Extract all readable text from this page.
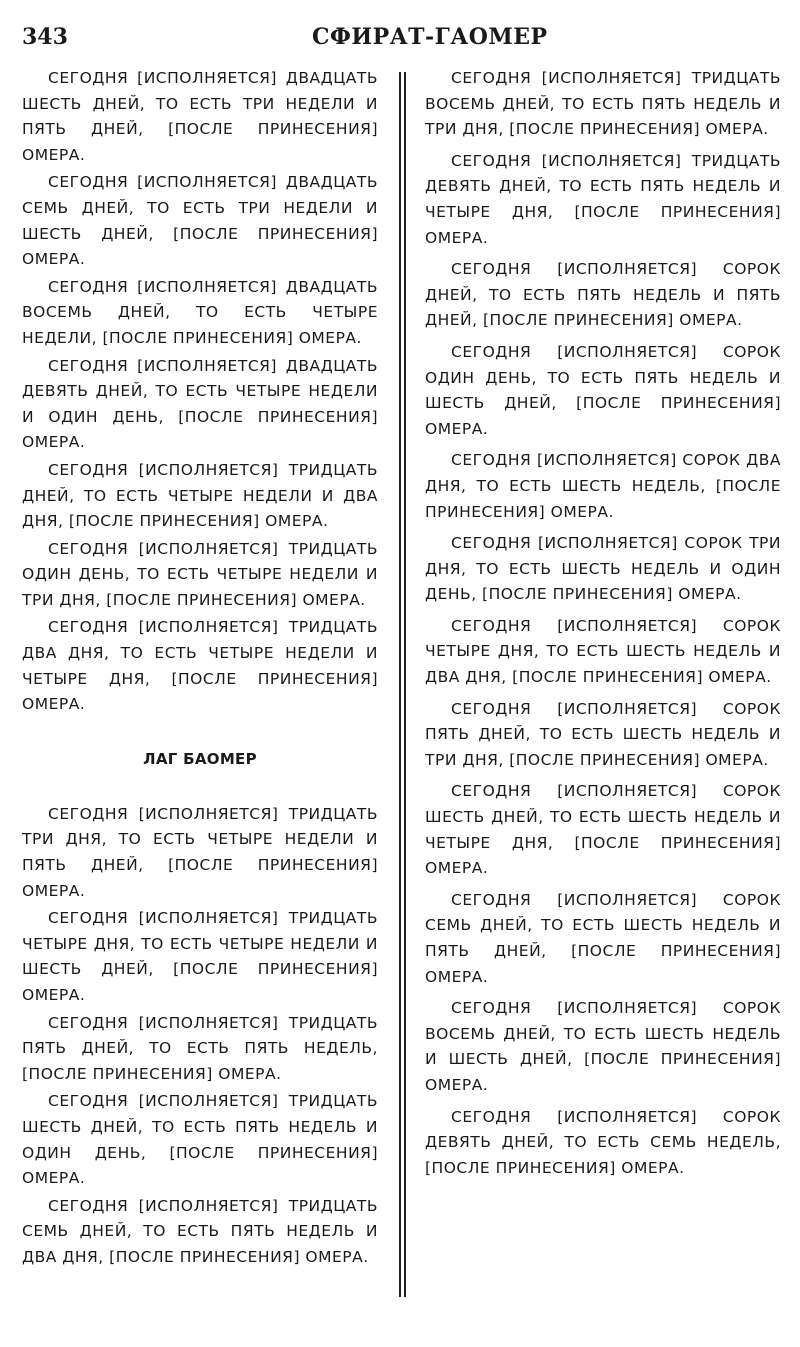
343	СФИРАТ-ГАОМЕР

СЕГОДНЯ [ИСПОЛНЯЕТСЯ] ДВАДЦАТЬ ШЕСТЬ ДНЕЙ, ТО ЕСТЬ ТРИ НЕДЕЛИ И ПЯТЬ ДНЕЙ, [ПОСЛЕ ПРИНЕСЕНИЯ] ОМЕРА.

СЕГОДНЯ [ИСПОЛНЯЕТСЯ] ДВАДЦАТЬ СЕМЬ ДНЕЙ, ТО ЕСТЬ ТРИ НЕДЕЛИ И ШЕСТЬ ДНЕЙ, [ПОСЛЕ ПРИНЕСЕНИЯ] ОМЕРА.

СЕГОДНЯ [ИСПОЛНЯЕТСЯ] ДВАДЦАТЬ ВОСЕМЬ ДНЕЙ, ТО ЕСТЬ ЧЕТЫРЕ НЕДЕЛИ, [ПОСЛЕ ПРИНЕСЕНИЯ] ОМЕРА.

СЕГОДНЯ [ИСПОЛНЯЕТСЯ] ДВАДЦАТЬ ДЕВЯТЬ ДНЕЙ, ТО ЕСТЬ ЧЕТЫРЕ НЕДЕЛИ И ОДИН ДЕНЬ, [ПОСЛЕ ПРИНЕСЕНИЯ] ОМЕРА.

СЕГОДНЯ [ИСПОЛНЯЕТСЯ] ТРИДЦАТЬ ДНЕЙ, ТО ЕСТЬ ЧЕТЫРЕ НЕДЕЛИ И ДВА ДНЯ, [ПОСЛЕ ПРИНЕСЕНИЯ] ОМЕРА.

СЕГОДНЯ [ИСПОЛНЯЕТСЯ] ТРИДЦАТЬ ОДИН ДЕНЬ, ТО ЕСТЬ ЧЕТЫРЕ НЕДЕЛИ И ТРИ ДНЯ, [ПОСЛЕ ПРИНЕСЕНИЯ] ОМЕРА.

СЕГОДНЯ [ИСПОЛНЯЕТСЯ] ТРИДЦАТЬ ДВА ДНЯ, ТО ЕСТЬ ЧЕТЫРЕ НЕДЕЛИ И ЧЕТЫРЕ ДНЯ, [ПОСЛЕ ПРИНЕСЕНИЯ] ОМЕРА.

ЛАГ БАОМЕР

СЕГОДНЯ [ИСПОЛНЯЕТСЯ] ТРИДЦАТЬ ТРИ ДНЯ, ТО ЕСТЬ ЧЕТЫРЕ НЕДЕЛИ И ПЯТЬ ДНЕЙ, [ПОСЛЕ ПРИНЕСЕНИЯ] ОМЕРА.

СЕГОДНЯ [ИСПОЛНЯЕТСЯ] ТРИДЦАТЬ ЧЕТЫРЕ ДНЯ, ТО ЕСТЬ ЧЕТЫРЕ НЕДЕЛИ И ШЕСТЬ ДНЕЙ, [ПОСЛЕ ПРИНЕСЕНИЯ] ОМЕРА.

СЕГОДНЯ [ИСПОЛНЯЕТСЯ] ТРИДЦАТЬ ПЯТЬ ДНЕЙ, ТО ЕСТЬ ПЯТЬ НЕДЕЛЬ, [ПОСЛЕ ПРИНЕСЕНИЯ] ОМЕРА.

СЕГОДНЯ [ИСПОЛНЯЕТСЯ] ТРИДЦАТЬ ШЕСТЬ ДНЕЙ, ТО ЕСТЬ ПЯТЬ НЕДЕЛЬ И ОДИН ДЕНЬ, [ПОСЛЕ ПРИНЕСЕНИЯ] ОМЕРА.

СЕГОДНЯ [ИСПОЛНЯЕТСЯ] ТРИДЦАТЬ СЕМЬ ДНЕЙ, ТО ЕСТЬ ПЯТЬ НЕДЕЛЬ И ДВА ДНЯ, [ПОСЛЕ ПРИНЕСЕНИЯ] ОМЕРА.

СЕГОДНЯ [ИСПОЛНЯЕТСЯ] ТРИДЦАТЬ ВОСЕМЬ ДНЕЙ, ТО ЕСТЬ ПЯТЬ НЕДЕЛЬ И ТРИ ДНЯ, [ПОСЛЕ ПРИНЕСЕНИЯ] ОМЕРА.

СЕГОДНЯ [ИСПОЛНЯЕТСЯ] ТРИДЦАТЬ ДЕВЯТЬ ДНЕЙ, ТО ЕСТЬ ПЯТЬ НЕДЕЛЬ И ЧЕТЫРЕ ДНЯ, [ПОСЛЕ ПРИНЕСЕНИЯ] ОМЕРА.

СЕГОДНЯ [ИСПОЛНЯЕТСЯ] СОРОК ДНЕЙ, ТО ЕСТЬ ПЯТЬ НЕДЕЛЬ И ПЯТЬ ДНЕЙ, [ПОСЛЕ ПРИНЕСЕНИЯ] ОМЕРА.

СЕГОДНЯ [ИСПОЛНЯЕТСЯ] СОРОК ОДИН ДЕНЬ, ТО ЕСТЬ ПЯТЬ НЕДЕЛЬ И ШЕСТЬ ДНЕЙ, [ПОСЛЕ ПРИНЕСЕНИЯ] ОМЕРА.

СЕГОДНЯ [ИСПОЛНЯЕТСЯ] СОРОК ДВА ДНЯ, ТО ЕСТЬ ШЕСТЬ НЕДЕЛЬ, [ПОСЛЕ ПРИНЕСЕНИЯ] ОМЕРА.

СЕГОДНЯ [ИСПОЛНЯЕТСЯ] СОРОК ТРИ ДНЯ, ТО ЕСТЬ ШЕСТЬ НЕДЕЛЬ И ОДИН ДЕНЬ, [ПОСЛЕ ПРИНЕСЕНИЯ] ОМЕРА.

СЕГОДНЯ [ИСПОЛНЯЕТСЯ] СОРОК ЧЕТЫРЕ ДНЯ, ТО ЕСТЬ ШЕСТЬ НЕДЕЛЬ И ДВА ДНЯ, [ПОСЛЕ ПРИНЕСЕНИЯ] ОМЕРА.

СЕГОДНЯ [ИСПОЛНЯЕТСЯ] СОРОК ПЯТЬ ДНЕЙ, ТО ЕСТЬ ШЕСТЬ НЕДЕЛЬ И ТРИ ДНЯ, [ПОСЛЕ ПРИНЕСЕНИЯ] ОМЕРА.

СЕГОДНЯ [ИСПОЛНЯЕТСЯ] СОРОК ШЕСТЬ ДНЕЙ, ТО ЕСТЬ ШЕСТЬ НЕДЕЛЬ И ЧЕТЫРЕ ДНЯ, [ПОСЛЕ ПРИНЕСЕНИЯ] ОМЕРА.

СЕГОДНЯ [ИСПОЛНЯЕТСЯ] СОРОК СЕМЬ ДНЕЙ, ТО ЕСТЬ ШЕСТЬ НЕДЕЛЬ И ПЯТЬ ДНЕЙ, [ПОСЛЕ ПРИНЕСЕНИЯ] ОМЕРА.

СЕГОДНЯ [ИСПОЛНЯЕТСЯ] СОРОК ВОСЕМЬ ДНЕЙ, ТО ЕСТЬ ШЕСТЬ НЕДЕЛЬ И ШЕСТЬ ДНЕЙ, [ПОСЛЕ ПРИНЕСЕНИЯ] ОМЕРА.

СЕГОДНЯ [ИСПОЛНЯЕТСЯ] СОРОК ДЕВЯТЬ ДНЕЙ, ТО ЕСТЬ СЕМЬ НЕДЕЛЬ, [ПОСЛЕ ПРИНЕСЕНИЯ] ОМЕРА.
